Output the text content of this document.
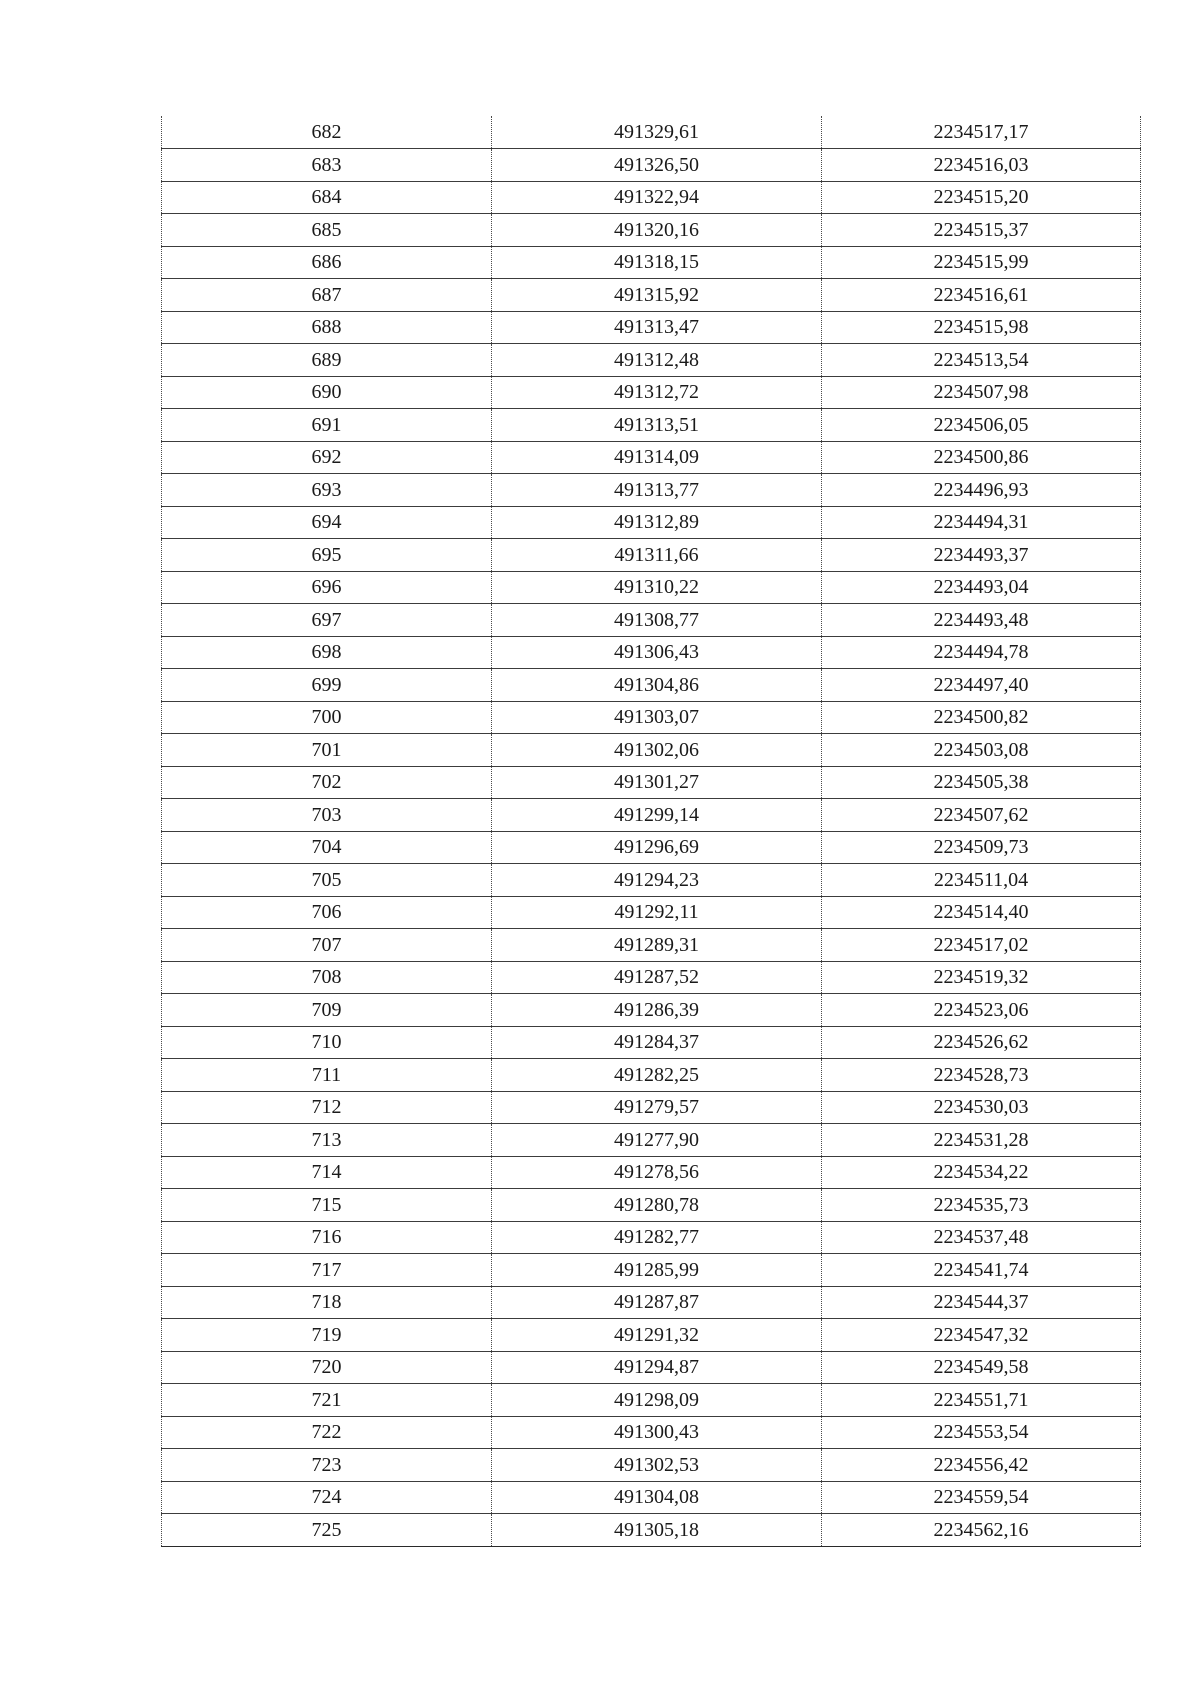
682	491329,61	2234517,17
683	491326,50	2234516,03
684	491322,94	2234515,20
685	491320,16	2234515,37
686	491318,15	2234515,99
687	491315,92	2234516,61
688	491313,47	2234515,98
689	491312,48	2234513,54
690	491312,72	2234507,98
691	491313,51	2234506,05
692	491314,09	2234500,86
693	491313,77	2234496,93
694	491312,89	2234494,31
695	491311,66	2234493,37
696	491310,22	2234493,04
697	491308,77	2234493,48
698	491306,43	2234494,78
699	491304,86	2234497,40
700	491303,07	2234500,82
701	491302,06	2234503,08
702	491301,27	2234505,38
703	491299,14	2234507,62
704	491296,69	2234509,73
705	491294,23	2234511,04
706	491292,11	2234514,40
707	491289,31	2234517,02
708	491287,52	2234519,32
709	491286,39	2234523,06
710	491284,37	2234526,62
711	491282,25	2234528,73
712	491279,57	2234530,03
713	491277,90	2234531,28
714	491278,56	2234534,22
715	491280,78	2234535,73
716	491282,77	2234537,48
717	491285,99	2234541,74
718	491287,87	2234544,37
719	491291,32	2234547,32
720	491294,87	2234549,58
721	491298,09	2234551,71
722	491300,43	2234553,54
723	491302,53	2234556,42
724	491304,08	2234559,54
725	491305,18	2234562,16
